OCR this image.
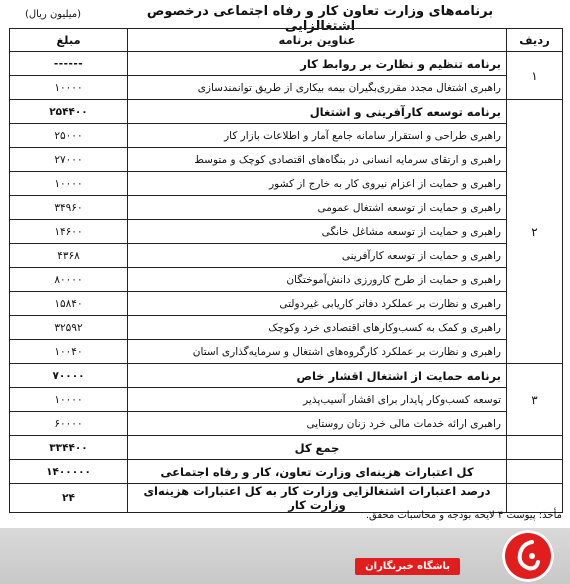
برنامه‌های وزارت تعاون کار و رفاه اجتماعی درخصوص اشتغالزایی
(میلیون ریال)
ردیف	عناوین برنامه	مبلغ
۱	برنامه تنظیم و نظارت بر روابط کار	------
	راهبری اشتغال مجدد مقرری‌بگیران بیمه بیکاری از طریق توانمندسازی	۱۰۰۰۰
۲	برنامه توسعه کارآفرینی و اشتغال	۲۵۴۴۰۰
	راهبری طراحی و استقرار سامانه جامع آمار و اطلاعات بازار کار	۲۵۰۰۰
	راهبری و ارتقای سرمایه انسانی در بنگاه‌های اقتصادی کوچک و متوسط	۲۷۰۰۰
	راهبری و حمایت از اعزام نیروی کار به خارج از کشور	۱۰۰۰۰
	راهبری و حمایت از توسعه اشتغال عمومی	۳۴۹۶۰
	راهبری و حمایت از توسعه مشاغل خانگی	۱۴۶۰۰
	راهبری و حمایت از توسعه کارآفرینی	۴۳۶۸
	راهبری و حمایت از طرح کارورزی دانش‌آموختگان	۸۰۰۰۰
	راهبری و نظارت بر عملکرد دفاتر کاریابی غیردولتی	۱۵۸۴۰
	راهبری و کمک به کسب‌وکارهای اقتصادی خرد وکوچک	۳۲۵۹۲
	راهبری و نظارت بر عملکرد کارگروه‌های اشتغال و سرمایه‌گذاری استان	۱۰۰۴۰
۳	برنامه حمایت از اشتغال اقشار خاص	۷۰۰۰۰
	توسعه کسب‌وکار پایدار برای اقشار آسیب‌پذیر	۱۰۰۰۰
	راهبری ارائه خدمات مالی خرد زنان روستایی	۶۰۰۰۰
	جمع کل	۳۳۴۴۰۰
	کل اعتبارات هزینه‌ای وزارت تعاون، کار و رفاه اجتماعی	۱۴۰۰۰۰۰
	درصد اعتبارات اشتغالزایی وزارت کار به کل اعتبارات هزینه‌ای وزارت کار	۲۴
مأخذ: پیوست ۴ لایحه بودجه و محاسبات محقق.
باشگاه خبرنگاران
